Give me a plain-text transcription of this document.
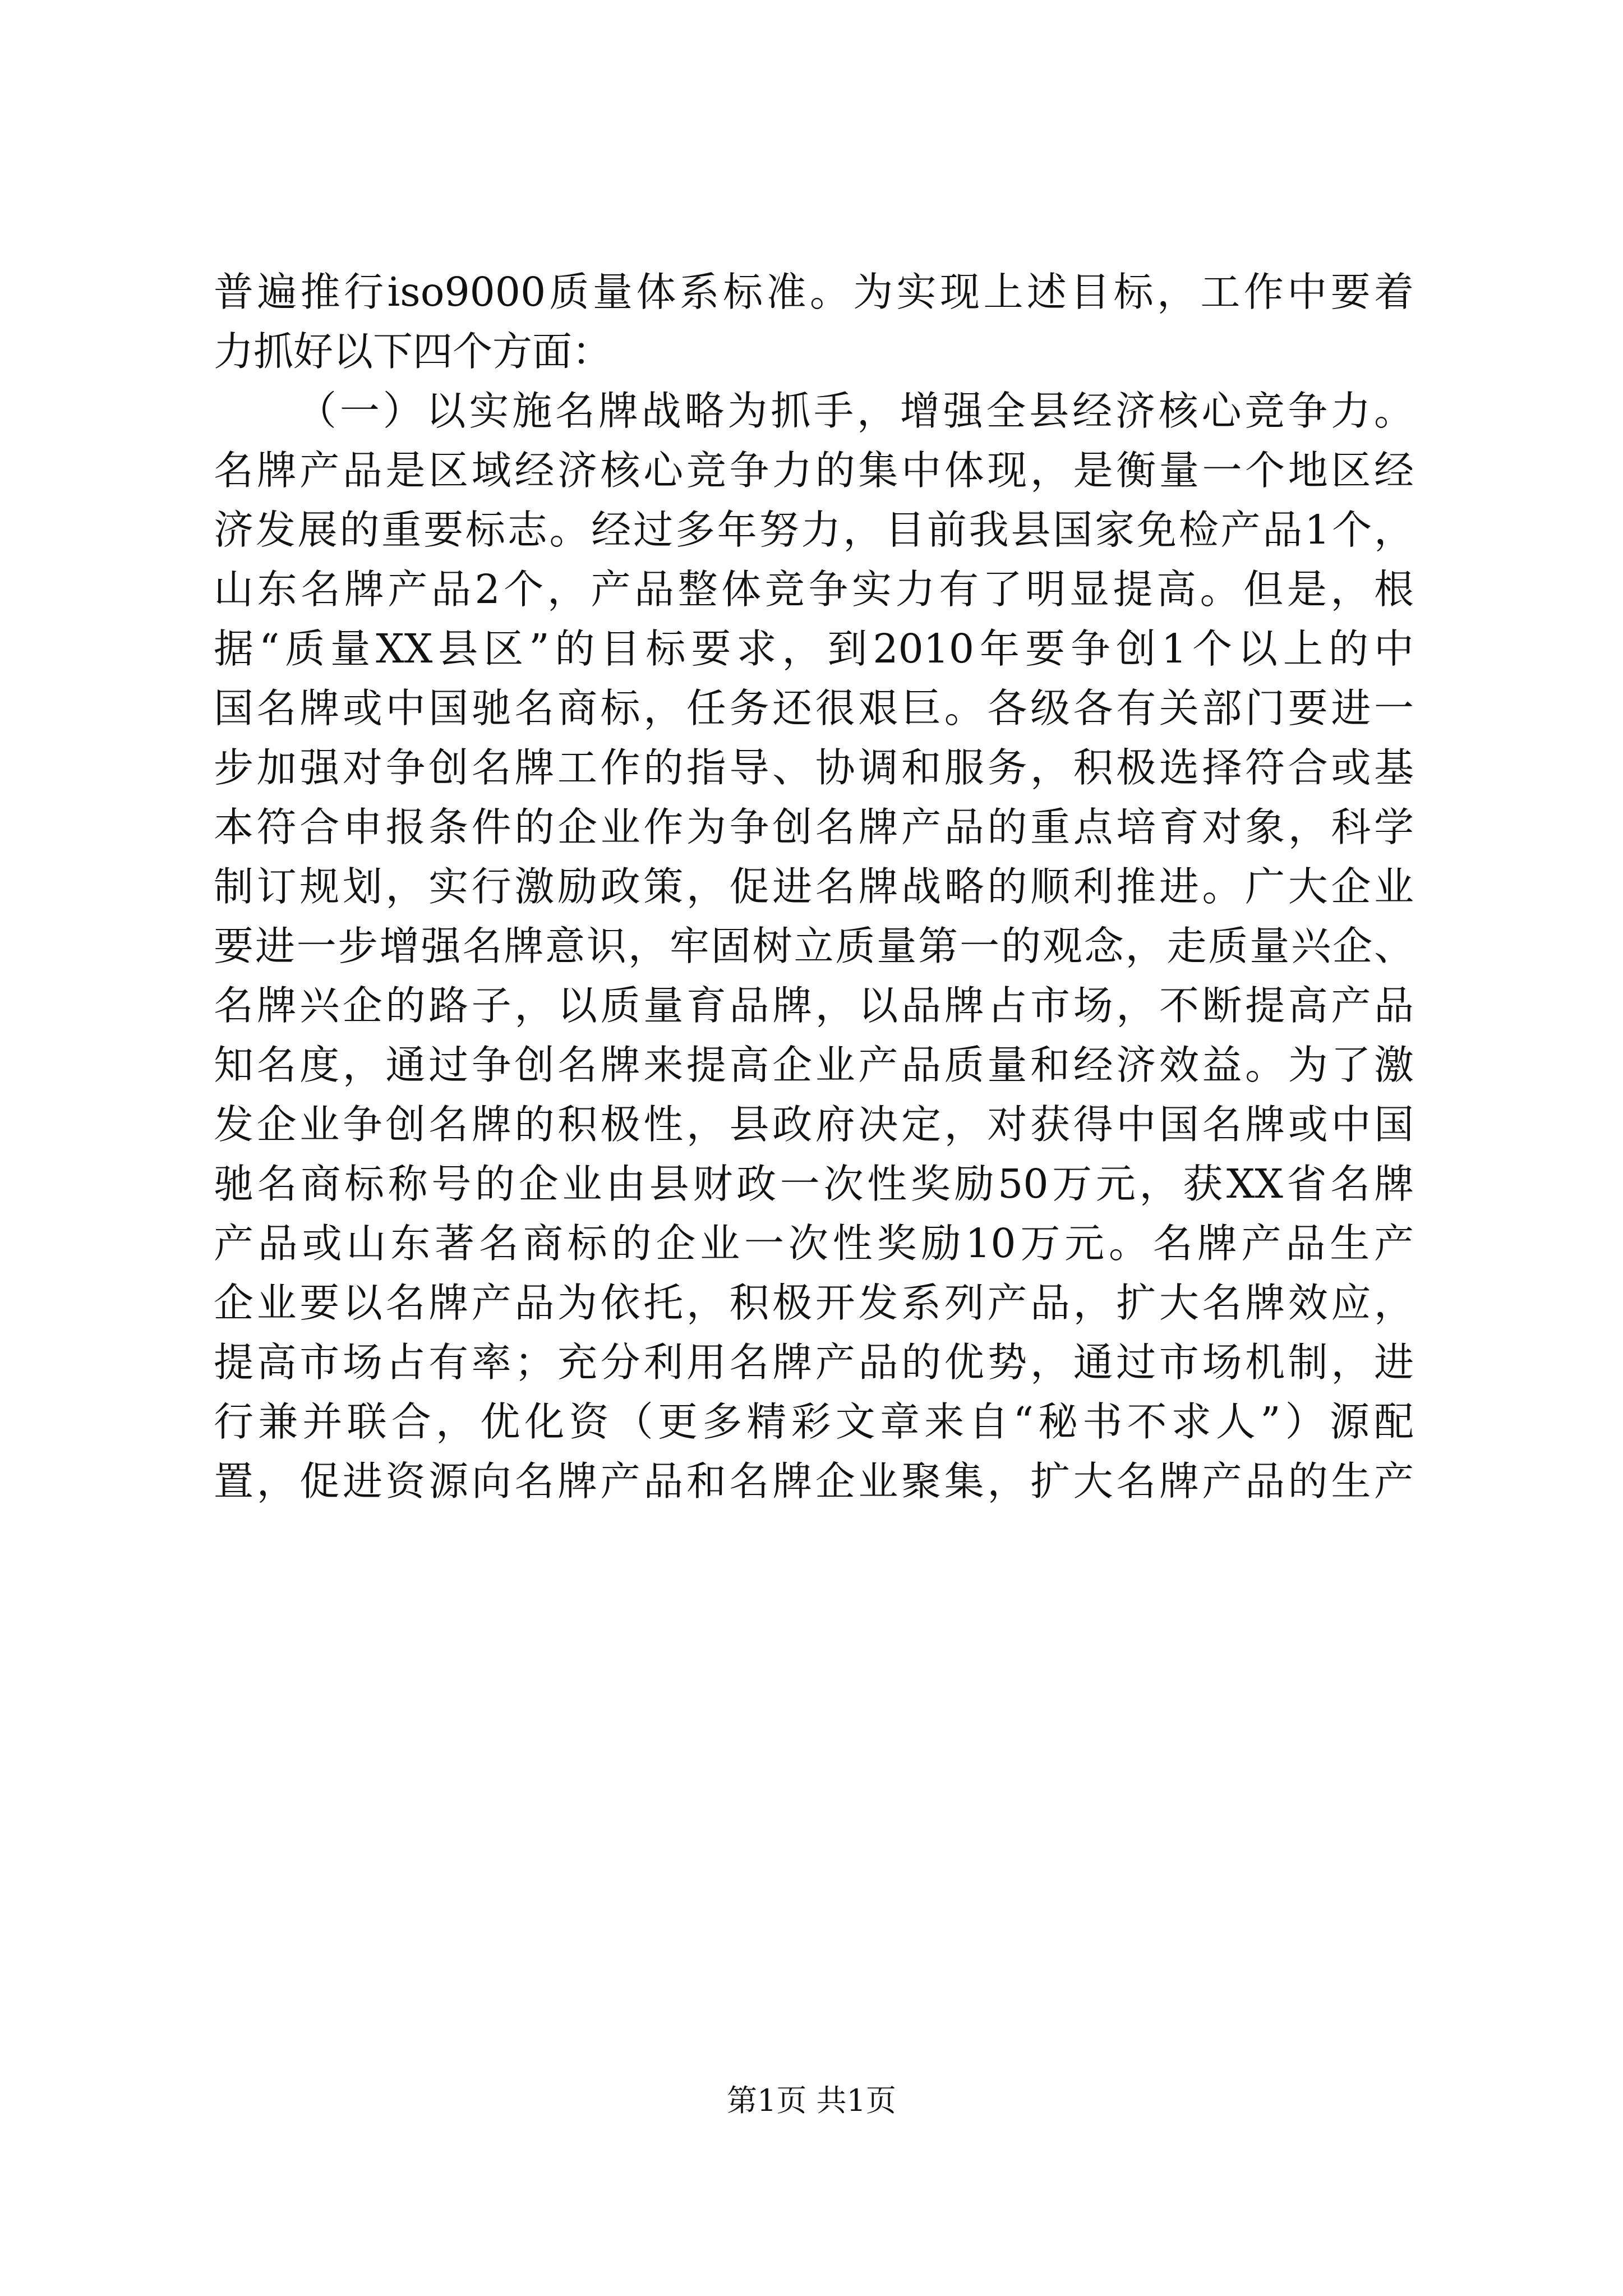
普遍推行iso9000质量体系标准。为实现上述目标，工作中要着
力抓好以下四个方面：
（一）以实施名牌战略为抓手，增强全县经济核心竞争力。
名牌产品是区域经济核心竞争力的集中体现，是衡量一个地区经
济发展的重要标志。经过多年努力，目前我县国家免检产品1个，
山东名牌产品2个，产品整体竞争实力有了明显提高。但是，根
据“质量XX县区”的目标要求，到2010年要争创1个以上的中
国名牌或中国驰名商标，任务还很艰巨。各级各有关部门要进一
步加强对争创名牌工作的指导、协调和服务，积极选择符合或基
本符合申报条件的企业作为争创名牌产品的重点培育对象，科学
制订规划，实行激励政策，促进名牌战略的顺利推进。广大企业
要进一步增强名牌意识，牢固树立质量第一的观念，走质量兴企、
名牌兴企的路子，以质量育品牌，以品牌占市场，不断提高产品
知名度，通过争创名牌来提高企业产品质量和经济效益。为了激
发企业争创名牌的积极性，县政府决定，对获得中国名牌或中国
驰名商标称号的企业由县财政一次性奖励50万元，获XX省名牌
产品或山东著名商标的企业一次性奖励10万元。名牌产品生产
企业要以名牌产品为依托，积极开发系列产品，扩大名牌效应，
提高市场占有率；充分利用名牌产品的优势，通过市场机制，进
行兼并联合，优化资（更多精彩文章来自“秘书不求人”）源配
置，促进资源向名牌产品和名牌企业聚集，扩大名牌产品的生产
第1页 共1页
